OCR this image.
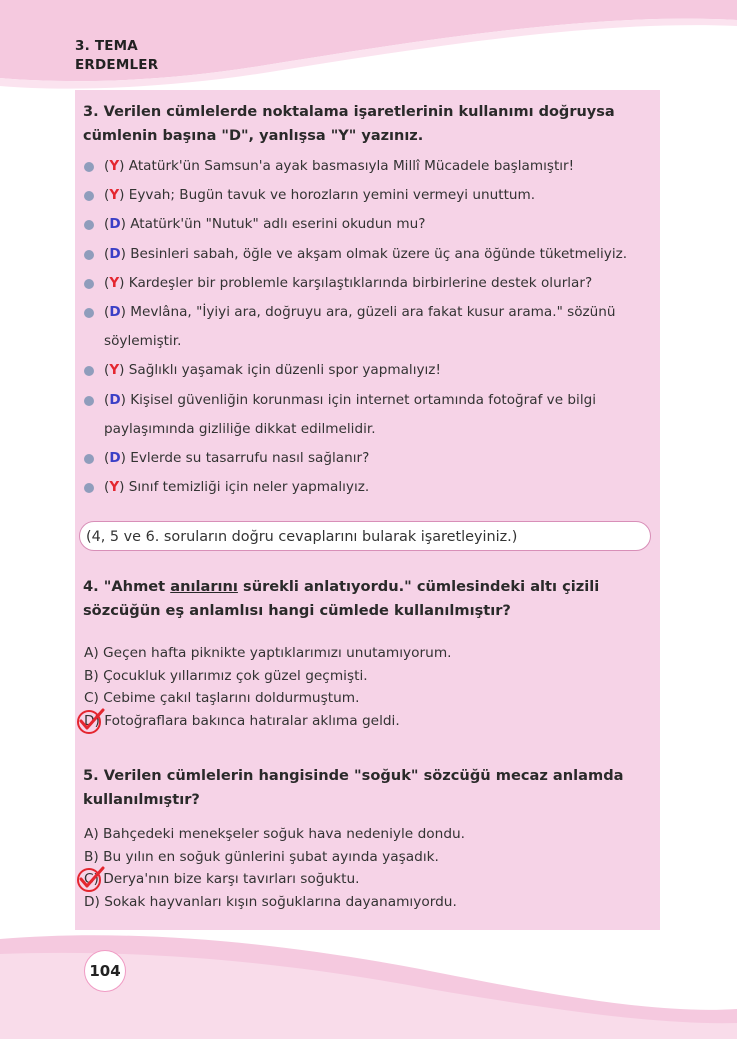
3. TEMA
ERDEMLER
3. Verilen cümlelerde noktalama işaretlerinin kullanımı doğruysa cümlenin başına "D", yanlışsa "Y" yazınız.
(Y) Atatürk'ün Samsun'a ayak basmasıyla Millî Mücadele başlamıştır!
(Y) Eyvah; Bugün tavuk ve horozların yemini vermeyi unuttum.
(D) Atatürk'ün "Nutuk" adlı eserini okudun mu?
(D) Besinleri sabah, öğle ve akşam olmak üzere üç ana öğünde tüketmeliyiz.
(Y) Kardeşler bir problemle karşılaştıklarında birbirlerine destek olurlar?
(D) Mevlâna, "İyiyi ara, doğruyu ara, güzeli ara fakat kusur arama." sözünü söylemiştir.
(Y) Sağlıklı yaşamak için düzenli spor yapmalıyız!
(D) Kişisel güvenliğin korunması için internet ortamında fotoğraf ve bilgi paylaşımında gizliliğe dikkat edilmelidir.
(D) Evlerde su tasarrufu nasıl sağlanır?
(Y) Sınıf temizliği için neler yapmalıyız.
(4, 5 ve 6. soruların doğru cevaplarını bularak işaretleyiniz.)
4. "Ahmet anılarını sürekli anlatıyordu." cümlesindeki altı çizili sözcüğün eş anlamlısı hangi cümlede kullanılmıştır?
A) Geçen hafta piknikte yaptıklarımızı unutamıyorum.
B) Çocukluk yıllarımız çok güzel geçmişti.
C) Cebime çakıl taşlarını doldurmuştum.
D) Fotoğraflara bakınca hatıralar aklıma geldi.
5. Verilen cümlelerin hangisinde "soğuk" sözcüğü mecaz anlamda kullanılmıştır?
A) Bahçedeki menekşeler soğuk hava nedeniyle dondu.
B) Bu yılın en soğuk günlerini şubat ayında yaşadık.
C) Derya'nın bize karşı tavırları soğuktu.
D) Sokak hayvanları kışın soğuklarına dayanamıyordu.
104
